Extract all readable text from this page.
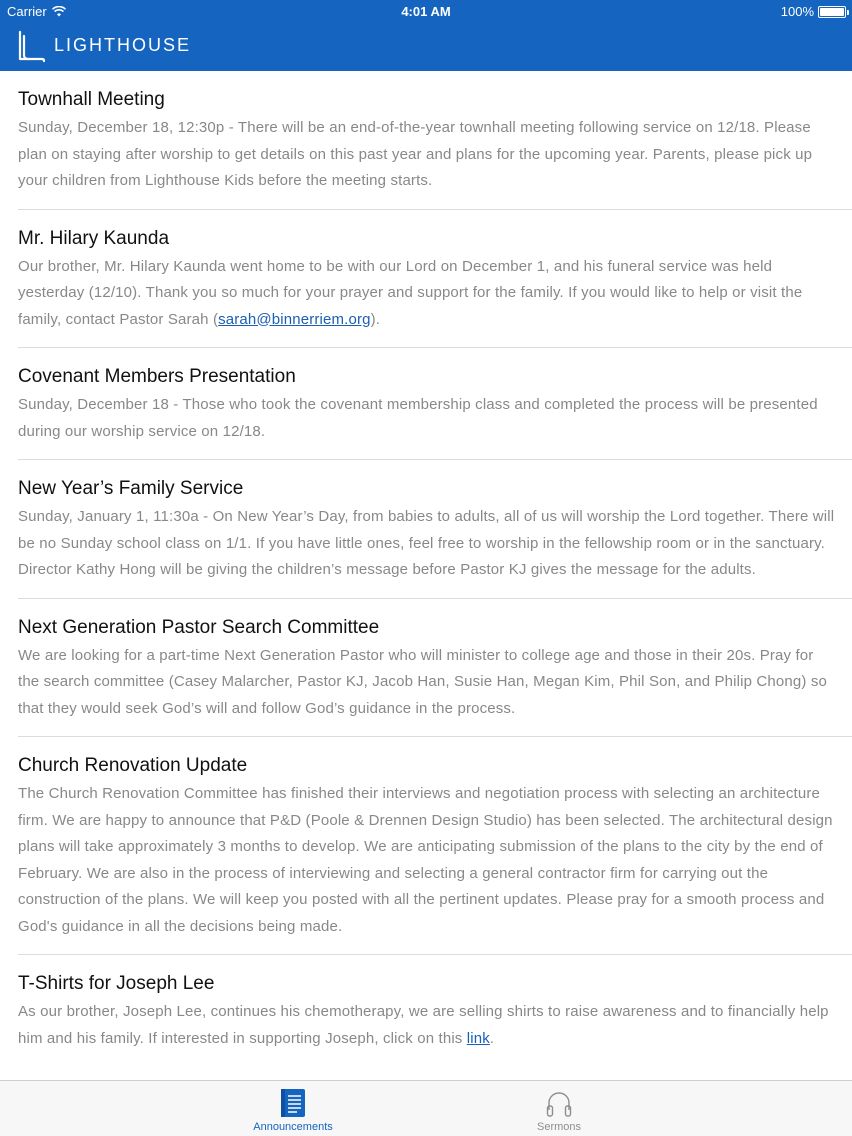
Carrier	4:01 AM	100%
LIGHTHOUSE
Townhall Meeting
Sunday, December 18, 12:30p - There will be an end-of-the-year townhall meeting following service on 12/18. Please plan on staying after worship to get details on this past year and plans for the upcoming year. Parents, please pick up your children from Lighthouse Kids before the meeting starts.
Mr. Hilary Kaunda
Our brother, Mr. Hilary Kaunda went home to be with our Lord on December 1, and his funeral service was held yesterday (12/10). Thank you so much for your prayer and support for the family. If you would like to help or visit the family, contact Pastor Sarah (sarah@binnerriem.org).
Covenant Members Presentation
Sunday, December 18 - Those who took the covenant membership class and completed the process will be presented during our worship service on 12/18.
New Year’s Family Service
Sunday, January 1, 11:30a - On New Year’s Day, from babies to adults, all of us will worship the Lord together. There will be no Sunday school class on 1/1. If you have little ones, feel free to worship in the fellowship room or in the sanctuary. Director Kathy Hong will be giving the children’s message before Pastor KJ gives the message for the adults.
Next Generation Pastor Search Committee
We are looking for a part-time Next Generation Pastor who will minister to college age and those in their 20s. Pray for the search committee (Casey Malarcher, Pastor KJ, Jacob Han, Susie Han, Megan Kim, Phil Son, and Philip Chong) so that they would seek God’s will and follow God’s guidance in the process.
Church Renovation Update
The Church Renovation Committee has finished their interviews and negotiation process with selecting an architecture firm. We are happy to announce that P&D (Poole & Drennen Design Studio) has been selected. The architectural design plans will take approximately 3 months to develop. We are anticipating submission of the plans to the city by the end of February. We are also in the process of interviewing and selecting a general contractor firm for carrying out the construction of the plans. We will keep you posted with all the pertinent updates. Please pray for a smooth process and God's guidance in all the decisions being made.
T-Shirts for Joseph Lee
As our brother, Joseph Lee, continues his chemotherapy, we are selling shirts to raise awareness and to financially help him and his family. If interested in supporting Joseph, click on this link.
Announcements	Sermons
